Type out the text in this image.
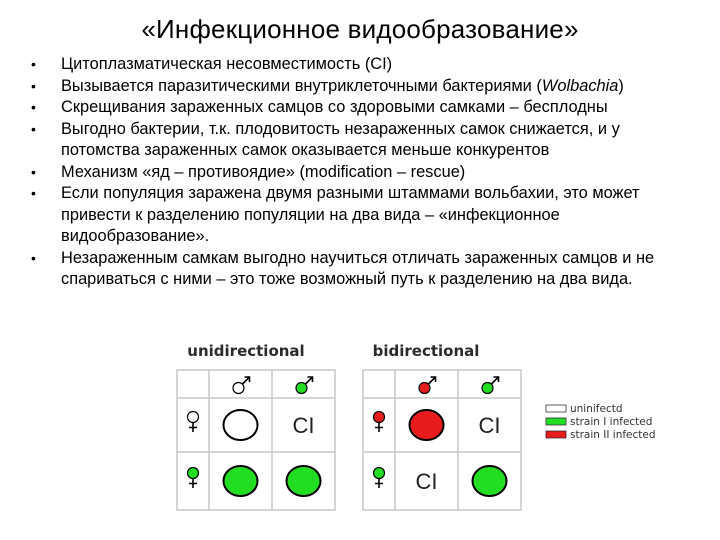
«Инфекционное видообразование»
• Цитоплазматическая несовместимость (CI)
• Вызывается паразитическими внутриклеточными бактериями (Wolbachia)
• Скрещивания зараженных самцов со здоровыми самками – бесплодны
• Выгодно бактерии, т.к. плодовитость незараженных самок снижается, и у потомства зараженных самок оказывается меньше конкурентов
• Механизм «яд – противоядие» (modification – rescue)
• Если популяция заражена двумя разными штаммами вольбахии, это может привести к разделению популяции на два вида – «инфекционное видообразование».
• Незараженным самкам выгодно научиться отличать зараженных самцов и не спариваться с ними – это тоже возможный путь к разделению на два вида.
unidirectional
CI
bidirectional
CI
CI
uninifectd
strain I infected
strain II infected
